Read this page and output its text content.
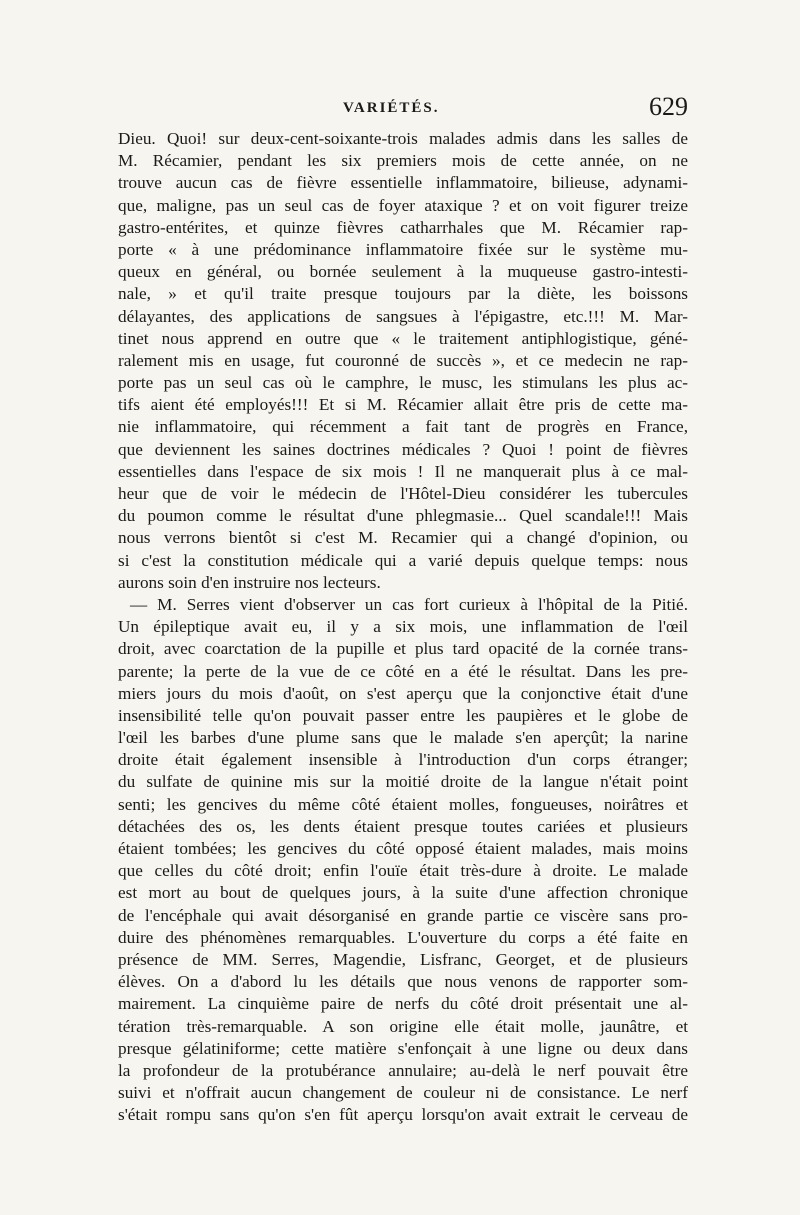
VARIÉTÉS.	629
Dieu. Quoi! sur deux-cent-soixante-trois malades admis dans les salles de
M. Récamier, pendant les six premiers mois de cette année, on ne
trouve aucun cas de fièvre essentielle inflammatoire, bilieuse, adynami-
que, maligne, pas un seul cas de foyer ataxique ? et on voit figurer treize
gastro-entérites, et quinze fièvres catharrhales que M. Récamier rap-
porte « à une prédominance inflammatoire fixée sur le système mu-
queux en général, ou bornée seulement à la muqueuse gastro-intesti-
nale, » et qu'il traite presque toujours par la diète, les boissons
délayantes, des applications de sangsues à l'épigastre, etc.!!! M. Mar-
tinet nous apprend en outre que « le traitement antiphlogistique, géné-
ralement mis en usage, fut couronné de succès », et ce medecin ne rap-
porte pas un seul cas où le camphre, le musc, les stimulans les plus ac-
tifs aient été employés!!! Et si M. Récamier allait être pris de cette ma-
nie inflammatoire, qui récemment a fait tant de progrès en France,
que deviennent les saines doctrines médicales ? Quoi ! point de fièvres
essentielles dans l'espace de six mois ! Il ne manquerait plus à ce mal-
heur que de voir le médecin de l'Hôtel-Dieu considérer les tubercules
du poumon comme le résultat d'une phlegmasie... Quel scandale!!! Mais
nous verrons bientôt si c'est M. Recamier qui a changé d'opinion, ou
si c'est la constitution médicale qui a varié depuis quelque temps: nous
aurons soin d'en instruire nos lecteurs.
— M. Serres vient d'observer un cas fort curieux à l'hôpital de la Pitié.
Un épileptique avait eu, il y a six mois, une inflammation de l'œil
droit, avec coarctation de la pupille et plus tard opacité de la cornée trans-
parente; la perte de la vue de ce côté en a été le résultat. Dans les pre-
miers jours du mois d'août, on s'est aperçu que la conjonctive était d'une
insensibilité telle qu'on pouvait passer entre les paupières et le globe de
l'œil les barbes d'une plume sans que le malade s'en aperçût; la narine
droite était également insensible à l'introduction d'un corps étranger;
du sulfate de quinine mis sur la moitié droite de la langue n'était point
senti; les gencives du même côté étaient molles, fongueuses, noirâtres et
détachées des os, les dents étaient presque toutes cariées et plusieurs
étaient tombées; les gencives du côté opposé étaient malades, mais moins
que celles du côté droit; enfin l'ouïe était très-dure à droite. Le malade
est mort au bout de quelques jours, à la suite d'une affection chronique
de l'encéphale qui avait désorganisé en grande partie ce viscère sans pro-
duire des phénomènes remarquables. L'ouverture du corps a été faite en
présence de MM. Serres, Magendie, Lisfranc, Georget, et de plusieurs
élèves. On a d'abord lu les détails que nous venons de rapporter som-
mairement. La cinquième paire de nerfs du côté droit présentait une al-
tération très-remarquable. A son origine elle était molle, jaunâtre, et
presque gélatiniforme; cette matière s'enfonçait à une ligne ou deux dans
la profondeur de la protubérance annulaire; au-delà le nerf pouvait être
suivi et n'offrait aucun changement de couleur ni de consistance. Le nerf
s'était rompu sans qu'on s'en fût aperçu lorsqu'on avait extrait le cerveau de
